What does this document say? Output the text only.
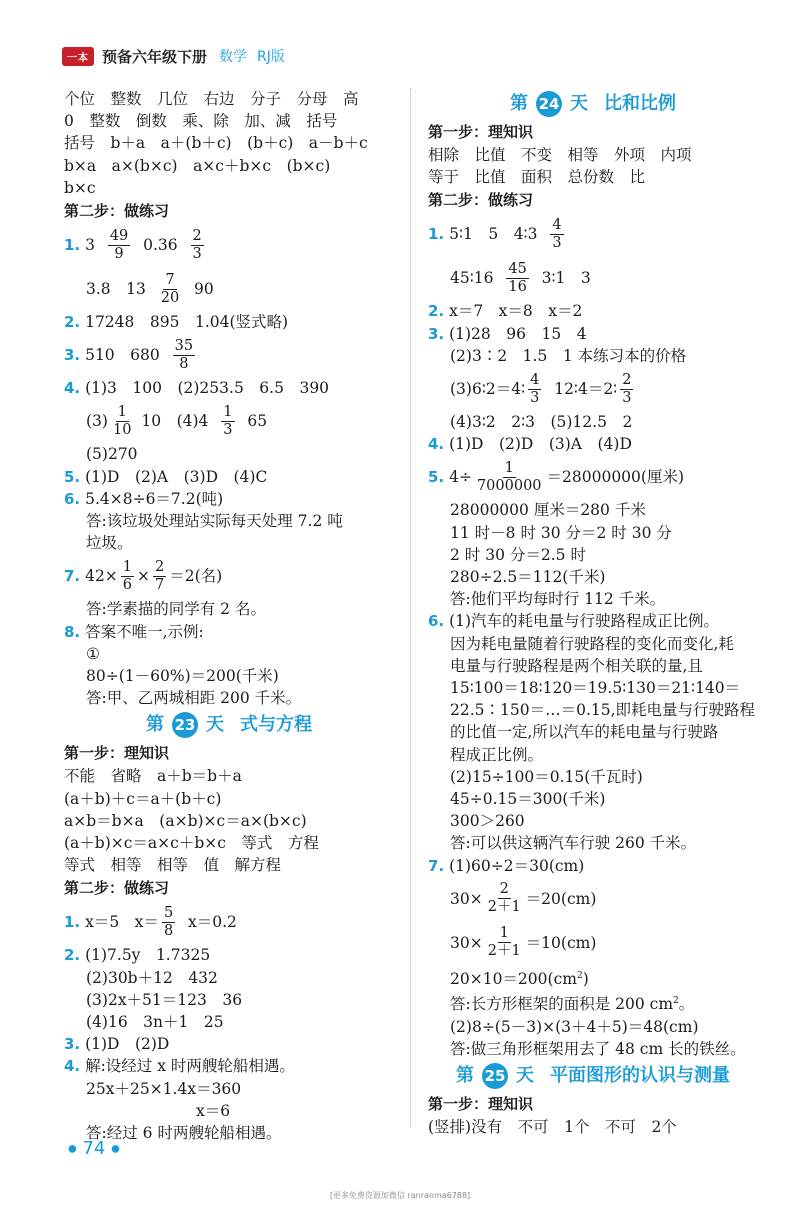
一本 预备六年级下册 数学 RJ版
个位　整数　几位　右边　分子　分母　高
0　整数　倒数　乘、除　加、减　括号
括号　b＋a　a＋(b＋c)　(b＋c)　a－b＋c
b×a　a×(b×c)　a×c＋b×c　(b×c)
b×c
第二步：做练习
1.
3
$\frac{49}{9}$
0.36
$\frac{2}{3}$
3.8　13
$\frac{7}{20}$
90
2. 17248　895　1.04(竖式略)
3.
510　680
$\frac{35}{8}$
4. (1)3　100　(2)253.5　6.5　390
$(3) \frac{1}{10}$
10　(4)4
$\frac{1}{3}$
65
(5)270
5. (1)D　(2)A　(3)D　(4)C
6. 5.4×8÷6＝7.2(吨)
答:该垃圾处理站实际每天处理 7.2 吨
垃圾。
7.
$42\times \frac{1}{6} \times \frac{2}{7} =2$(名)
答:学素描的同学有 2 名。
8. 答案不唯一,示例:
①
80÷(1－60%)＝200(千米)
答:甲、乙两城相距 200 千米。
第 23 天 式与方程
第一步：理知识
不能　省略　a＋b＝b＋a
(a＋b)＋c＝a＋(b＋c)
a×b＝b×a　(a×b)×c＝a×(b×c)
(a＋b)×c＝a×c＋b×c　等式　方程
等式　相等　相等　值　解方程
第二步：做练习
1.
x＝5　$x= \frac{5}{8}$
x＝0.2
2. (1)7.5y　1.7325
(2)30b＋12　432
(3)2x＋51＝123　36
(4)16　3n＋1　25
3. (1)D　(2)D
4. 解:设经过 x 时两艘轮船相遇。
25x＋25×1.4x＝360
x＝6
答:经过 6 时两艘轮船相遇。
第 24 天 比和比例
第一步：理知识
相除　比值　不变　相等　外项　内项
等于　比值　面积　总份数　比
第二步：做练习
1.
5∶1　5　4∶3
$\frac{4}{3}$
45∶16
$\frac{45}{16}$
3∶1　3
2. x＝7　x＝8　x＝2
3. (1)28　96　15　4
(2)3∶2　1.5　1 本练习本的价格
(3)6∶2＝4∶ $\frac{4}{3}$
12∶4＝2∶ $\frac{2}{3}$
(4)3∶2　2∶3　(5)12.5　2
4. (1)D　(2)D　(3)A　(4)D
5.
$4\div \frac{1}{7000000} =28000000$(厘米)
28000000 厘米＝280 千米
11 时－8 时 30 分＝2 时 30 分
2 时 30 分＝2.5 时
280÷2.5＝112(千米)
答:他们平均每时行 112 千米。
6. (1)汽车的耗电量与行驶路程成正比例。
因为耗电量随着行驶路程的变化而变化,耗
电量与行驶路程是两个相关联的量,且
15∶100＝18∶120＝19.5∶130＝21∶140＝
22.5∶150＝…＝0.15,即耗电量与行驶路程
的比值一定,所以汽车的耗电量与行驶路
程成正比例。
(2)15÷100＝0.15(千瓦时)
45÷0.15＝300(千米)
300＞260
答:可以供这辆汽车行驶 260 千米。
7. (1)60÷2＝30(cm)
$30\times \frac{2}{2+1} =20(cm)$
$30\times \frac{1}{2+1} =10(cm)$
$20\times 10=200(cm^2)$
答:长方形框架的面积是 200 $cm^2$。
(2)8÷(5－3)×(3＋4＋5)＝48(cm)
答:做三角形框架用去了 48 cm 长的铁丝。
第 25 天 平面图形的认识与测量
第一步：理知识
(竖排)没有　不可　1个　不可　2个
● 74 ●
[更多免费资源加微信 ranranma6788]
